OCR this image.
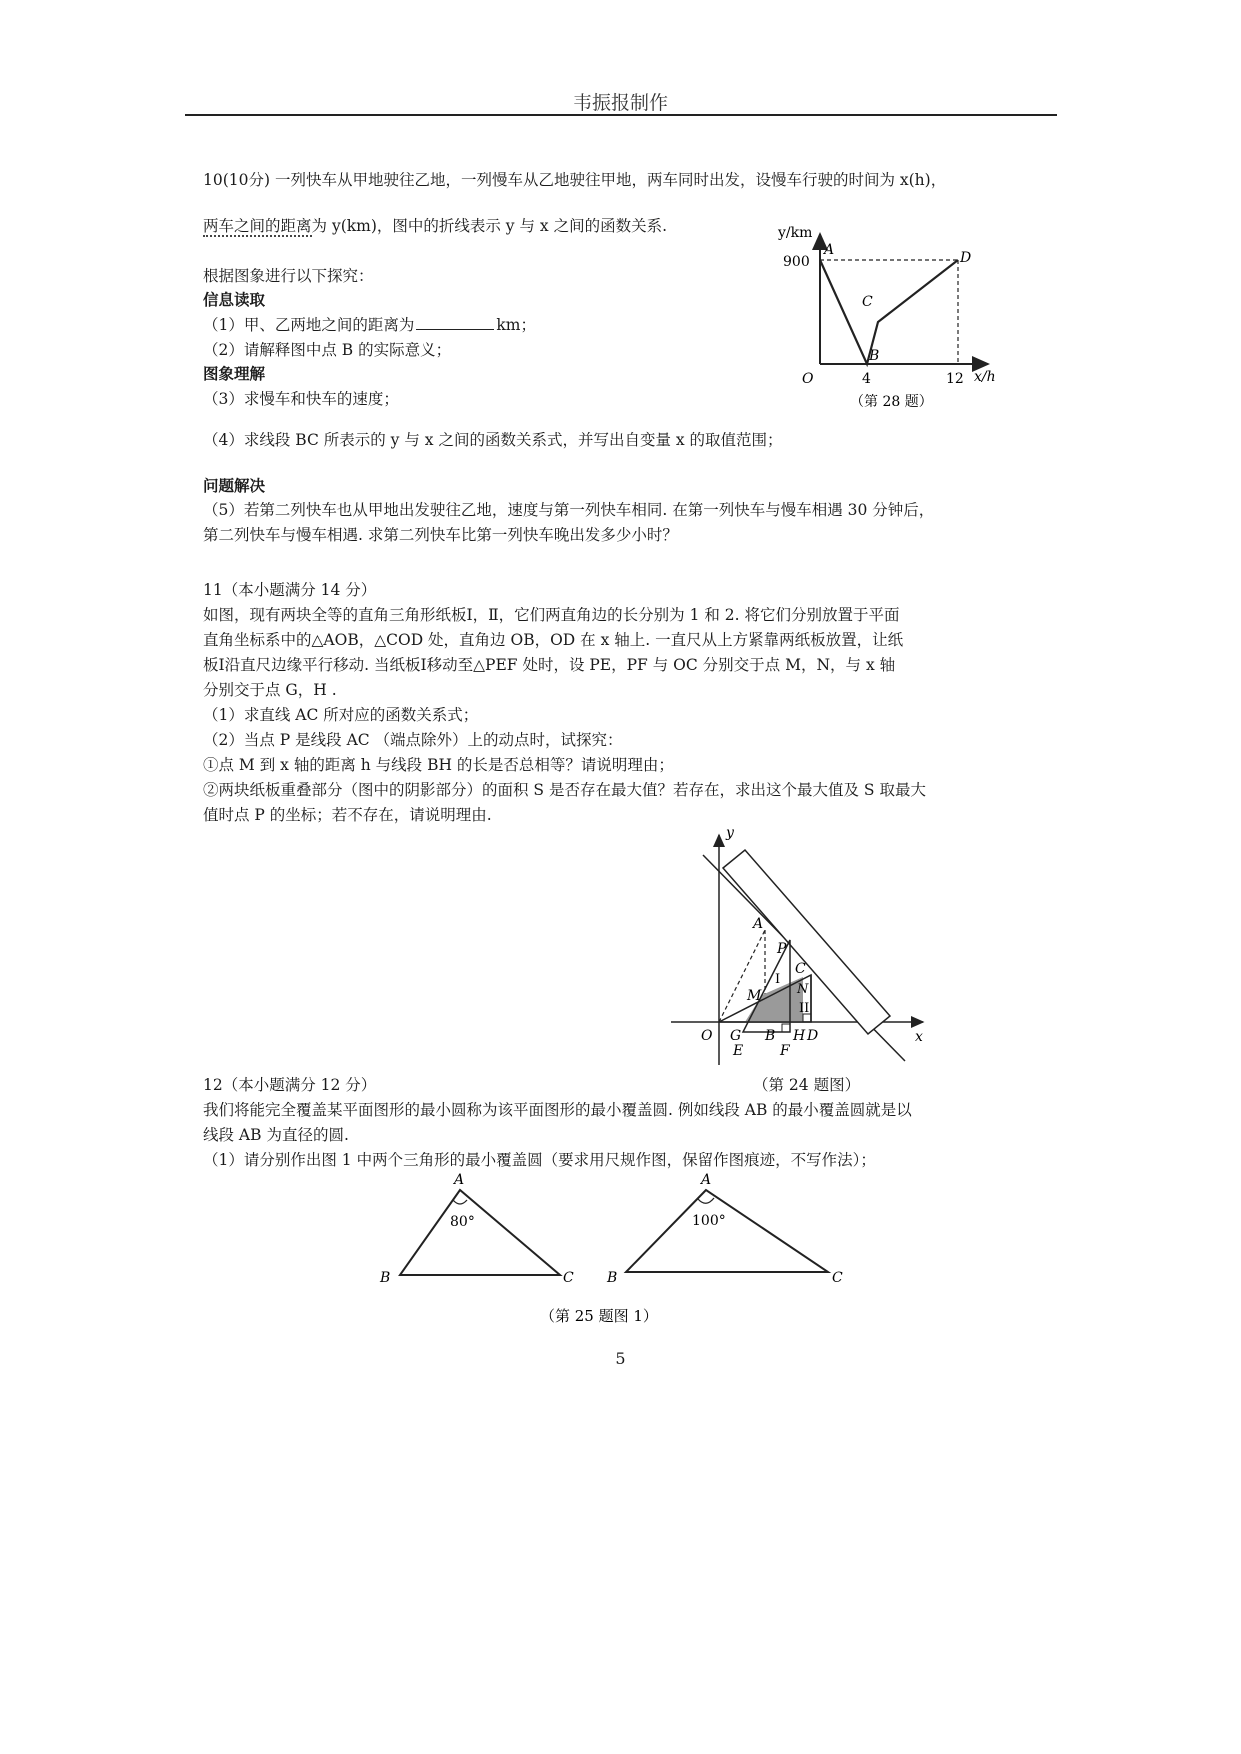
韦振报制作
10(10分) 一列快车从甲地驶往乙地，一列慢车从乙地驶往甲地，两车同时出发，设慢车行驶的时间为 x(h)，
两车之间的距离为 y(km)，图中的折线表示 y 与 x 之间的函数关系.
根据图象进行以下探究：
信息读取
（1）甲、乙两地之间的距离为	km；
（2）请解释图中点 B 的实际意义；
图象理解
（3）求慢车和快车的速度；
（4）求线段 BC 所表示的 y 与 x 之间的函数关系式，并写出自变量 x 的取值范围；
问题解决
（5）若第二列快车也从甲地出发驶往乙地，速度与第一列快车相同. 在第一列快车与慢车相遇 30 分钟后，
第二列快车与慢车相遇. 求第二列快车比第一列快车晚出发多少小时？
y/km
x/h
900
O	4	12
A
B
C
D
（第 28 题）
11（本小题满分 14 分）
如图，现有两块全等的直角三角形纸板Ⅰ，Ⅱ，它们两直角边的长分别为 1 和 2. 将它们分别放置于平面
直角坐标系中的△AOB，△COD 处，直角边 OB，OD 在 x 轴上. 一直尺从上方紧靠两纸板放置，让纸
板Ⅰ沿直尺边缘平行移动. 当纸板Ⅰ移动至△PEF 处时，设 PE，PF 与 OC 分别交于点 M，N，与 x 轴
分别交于点 G，H .
（1）求直线 AC 所对应的函数关系式；
（2）当点 P 是线段 AC （端点除外）上的动点时，试探究：
①点 M 到 x 轴的距离 h 与线段 BH 的长是否总相等？请说明理由；
②两块纸板重叠部分（图中的阴影部分）的面积 S 是否存在最大值？若存在，求出这个最大值及 S 取最大
值时点 P 的坐标；若不存在，请说明理由.
y
x
O
A
P
C
M	N
I
II
G B H D
E	F
12（本小题满分 12 分）	（第 24 题图）
我们将能完全覆盖某平面图形的最小圆称为该平面图形的最小覆盖圆. 例如线段 AB 的最小覆盖圆就是以
线段 AB 为直径的圆.
（1）请分别作出图 1 中两个三角形的最小覆盖圆（要求用尺规作图，保留作图痕迹，不写作法）；
A
B	C
80°
A
B	C
100°
（第 25 题图 1）
5
